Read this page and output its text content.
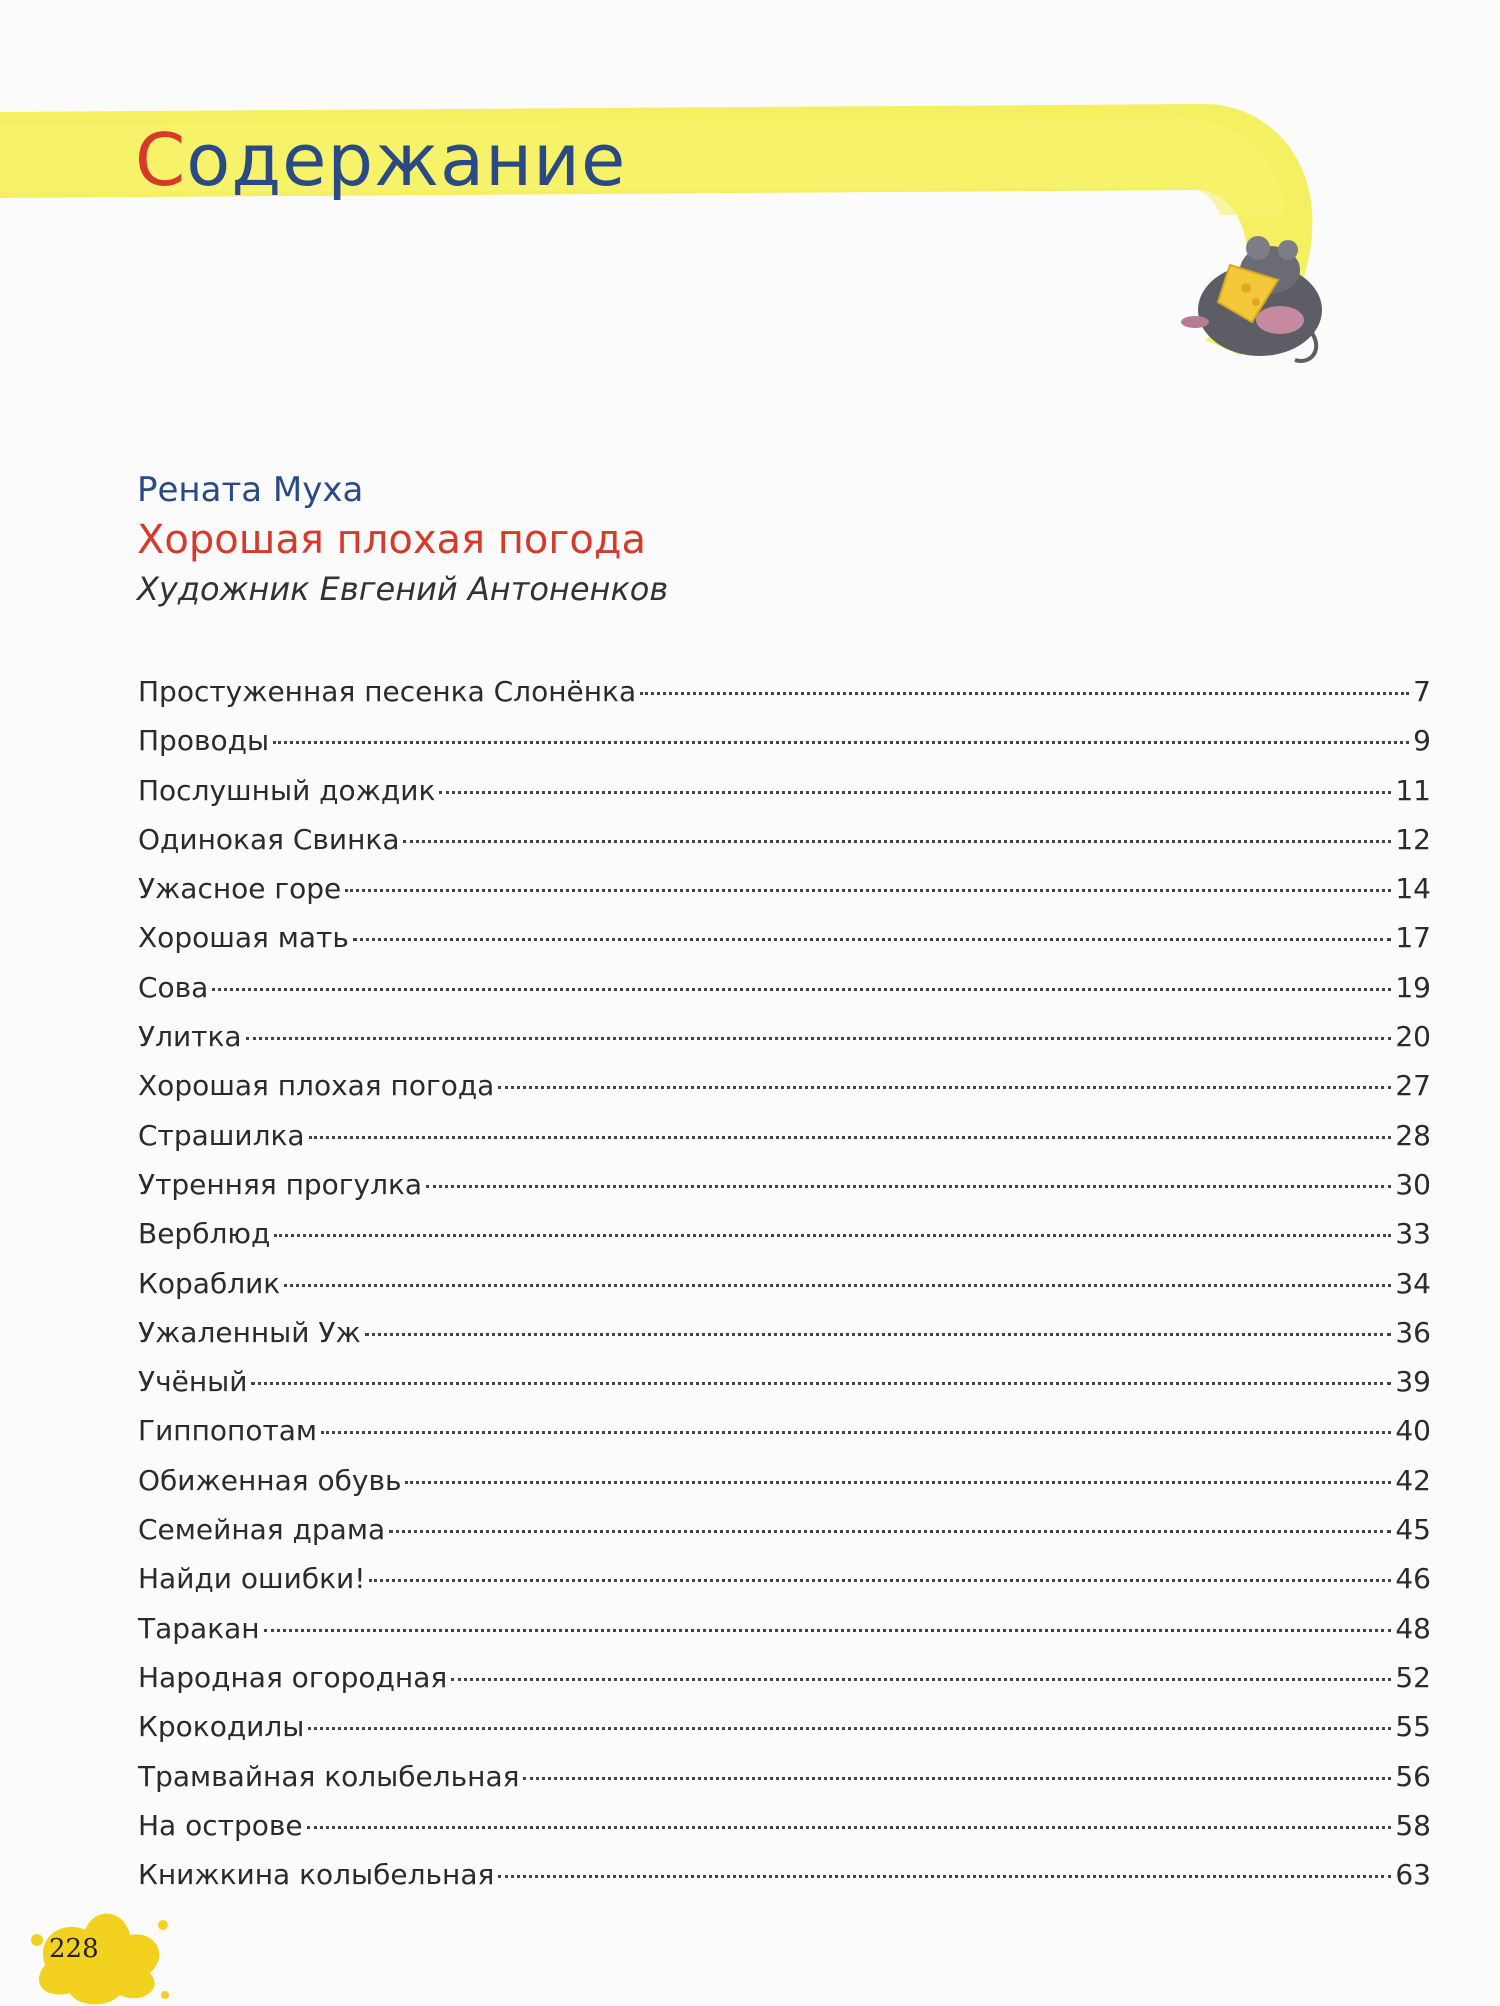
Содержание
Рената Муха
Хорошая плохая погода
Художник Евгений Антоненков
Простуженная песенка Слонёнка	7
Проводы	9
Послушный дождик	11
Одинокая Свинка	12
Ужасное горе	14
Хорошая мать	17
Сова	19
Улитка	20
Хорошая плохая погода	27
Страшилка	28
Утренняя прогулка	30
Верблюд	33
Кораблик	34
Ужаленный Уж	36
Учёный	39
Гиппопотам	40
Обиженная обувь	42
Семейная драма	45
Найди ошибки!	46
Таракан	48
Народная огородная	52
Крокодилы	55
Трамвайная колыбельная	56
На острове	58
Книжкина колыбельная	63
228
